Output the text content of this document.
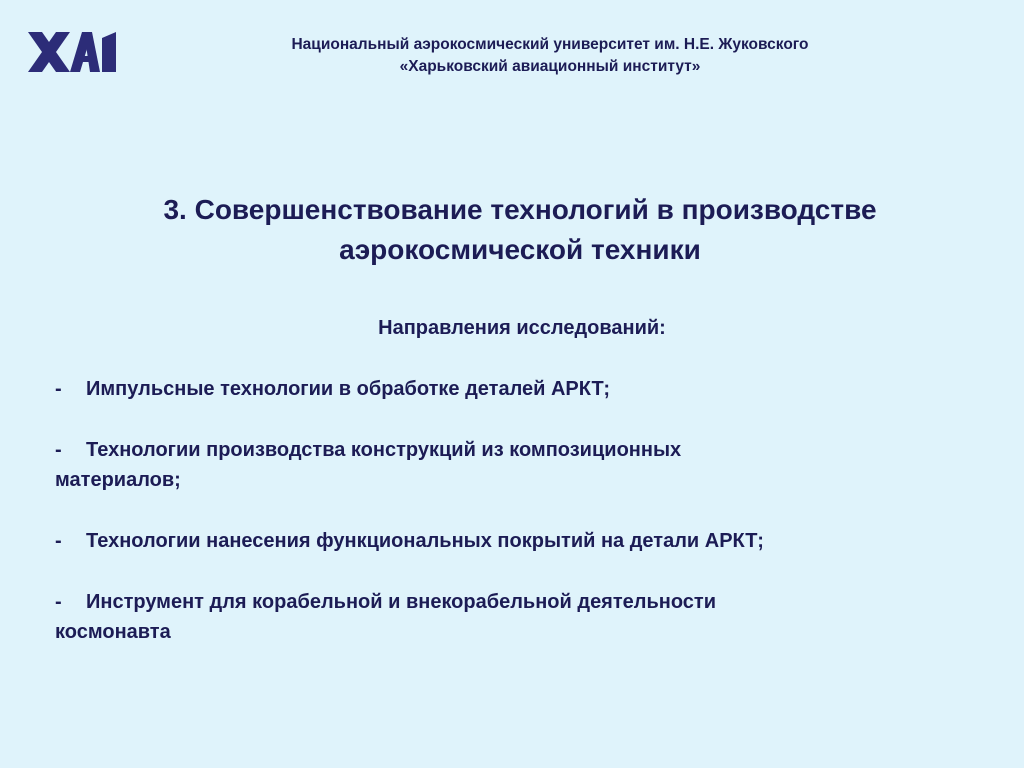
Национальный аэрокосмический университет им. Н.Е. Жуковского
«Харьковский авиационный институт»
3. Совершенствование технологий в производстве
аэрокосмической техники
Направления исследований:
- Импульсные технологии в обработке деталей АРКТ;
- Технологии производства конструкций из композиционных
материалов;
- Технологии нанесения функциональных покрытий на детали АРКТ;
- Инструмент для корабельной и внекорабельной деятельности
космонавта
